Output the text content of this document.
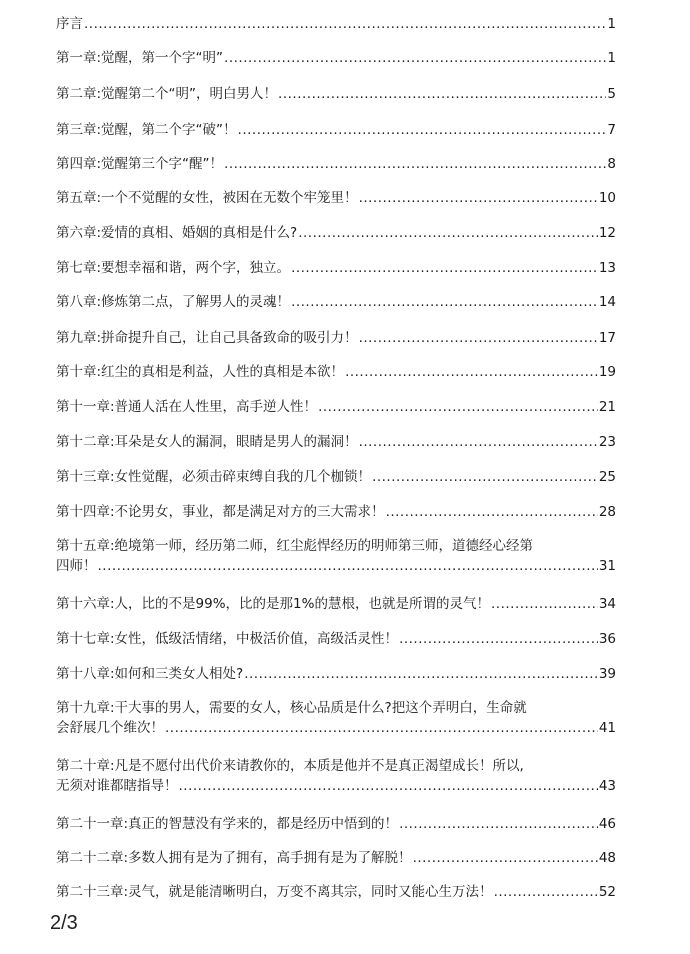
序言 .....	1
第一章:觉醒，第一个字“明” .....	1
第二章:觉醒第二个“明”，明白男人！ .....	5
第三章:觉醒，第二个字“破”！ .....	7
第四章:觉醒第三个字“醒”！ .....	8
第五章:一个不觉醒的女性，被困在无数个牢笼里！ .....	10
第六章:爱情的真相、婚姻的真相是什么? .....	12
第七章:要想幸福和谐，两个字，独立。 .....	13
第八章:修炼第二点，了解男人的灵魂！ .....	14
第九章:拼命提升自己，让自己具备致命的吸引力！ .....	17
第十章:红尘的真相是利益，人性的真相是本欲！ .....	19
第十一章:普通人活在人性里，高手逆人性！ .....	21
第十二章:耳朵是女人的漏洞，眼睛是男人的漏洞！ .....	23
第十三章:女性觉醒，必须击碎束缚自我的几个枷锁！ .....	25
第十四章:不论男女，事业，都是满足对方的三大需求！ .....	28
第十五章:绝境第一师，经历第二师，红尘彪悍经历的明师第三师，道德经心经第
四师！ .....	31
第十六章:人，比的不是99%，比的是那1%的慧根，也就是所谓的灵气！ .....	34
第十七章:女性，低级活情绪，中极活价值，高级活灵性！ .....	36
第十八章:如何和三类女人相处? .....	39
第十九章:干大事的男人，需要的女人，核心品质是什么?把这个弄明白，生命就
会舒展几个维次！ .....	41
第二十章:凡是不愿付出代价来请教你的，本质是他并不是真正渴望成长！所以,
无须对谁都瞎指导！ .....	43
第二十一章:真正的智慧没有学来的，都是经历中悟到的！ .....	46
第二十二章:多数人拥有是为了拥有，高手拥有是为了解脱！ .....	48
第二十三章:灵气，就是能清晰明白，万变不离其宗，同时又能心生万法！ .....	52
2/3
